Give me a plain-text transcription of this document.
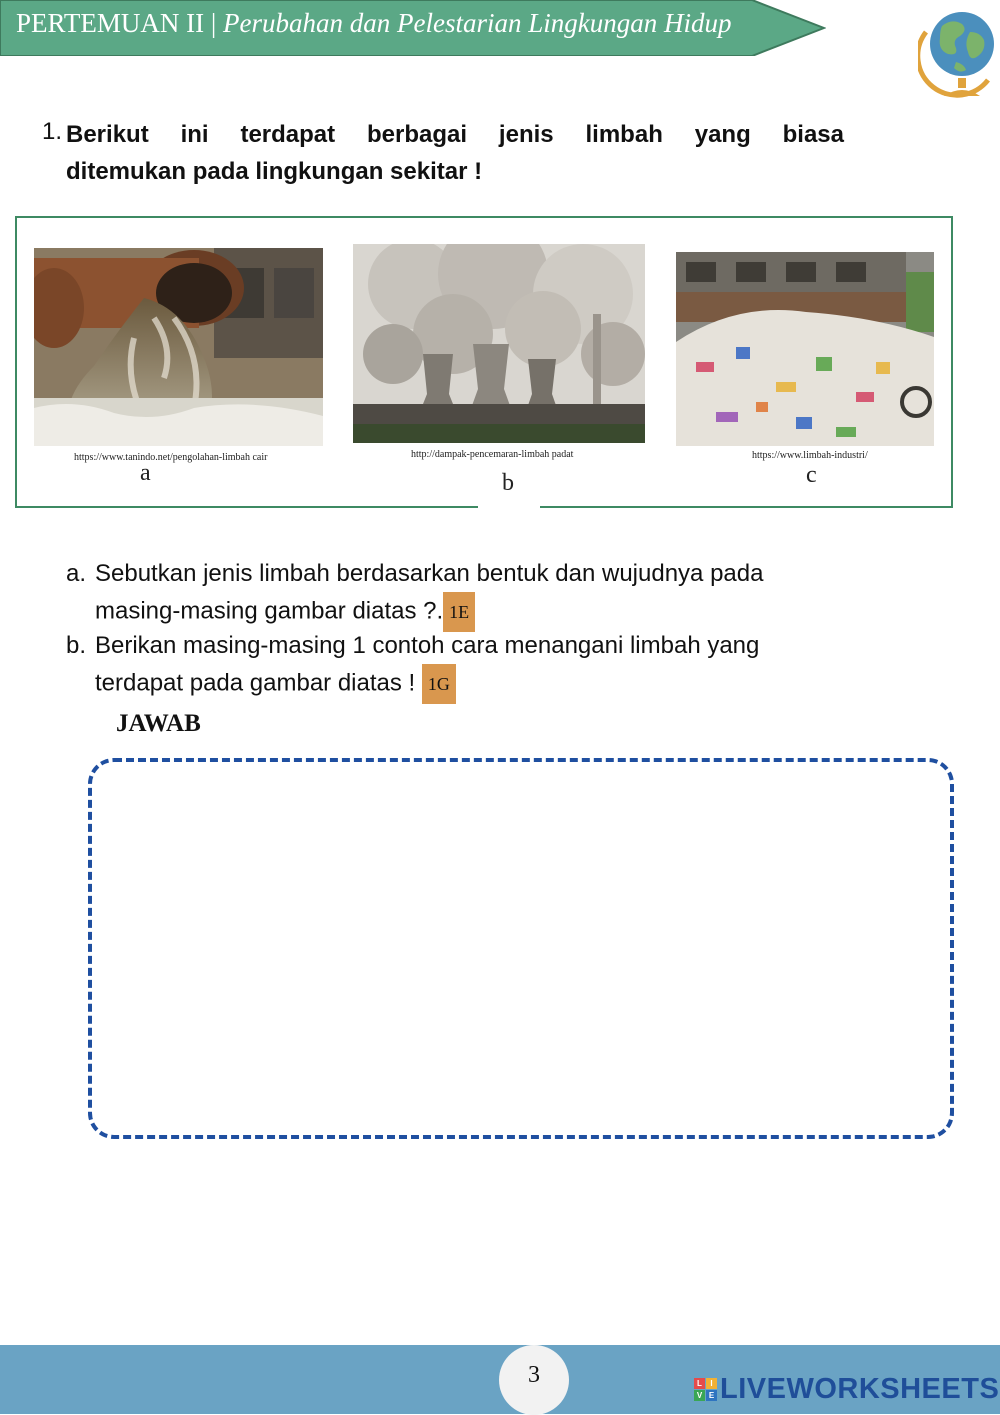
PERTEMUAN II | Perubahan dan Pelestarian Lingkungan Hidup
1. Berikut ini terdapat berbagai jenis limbah yang biasa
ditemukan pada lingkungan sekitar !
https://www.tanindo.net/pengolahan-limbah cair
a
http://dampak-pencemaran-limbah padat
b
https://www.limbah-industri/
c
a. Sebutkan jenis limbah berdasarkan bentuk dan wujudnya pada
masing-masing gambar diatas ?. 1E
b. Berikan masing-masing 1 contoh cara menangani limbah yang
terdapat pada gambar diatas ! 1G
JAWAB
3	L	I
V E LIVEWORKSHEETS
